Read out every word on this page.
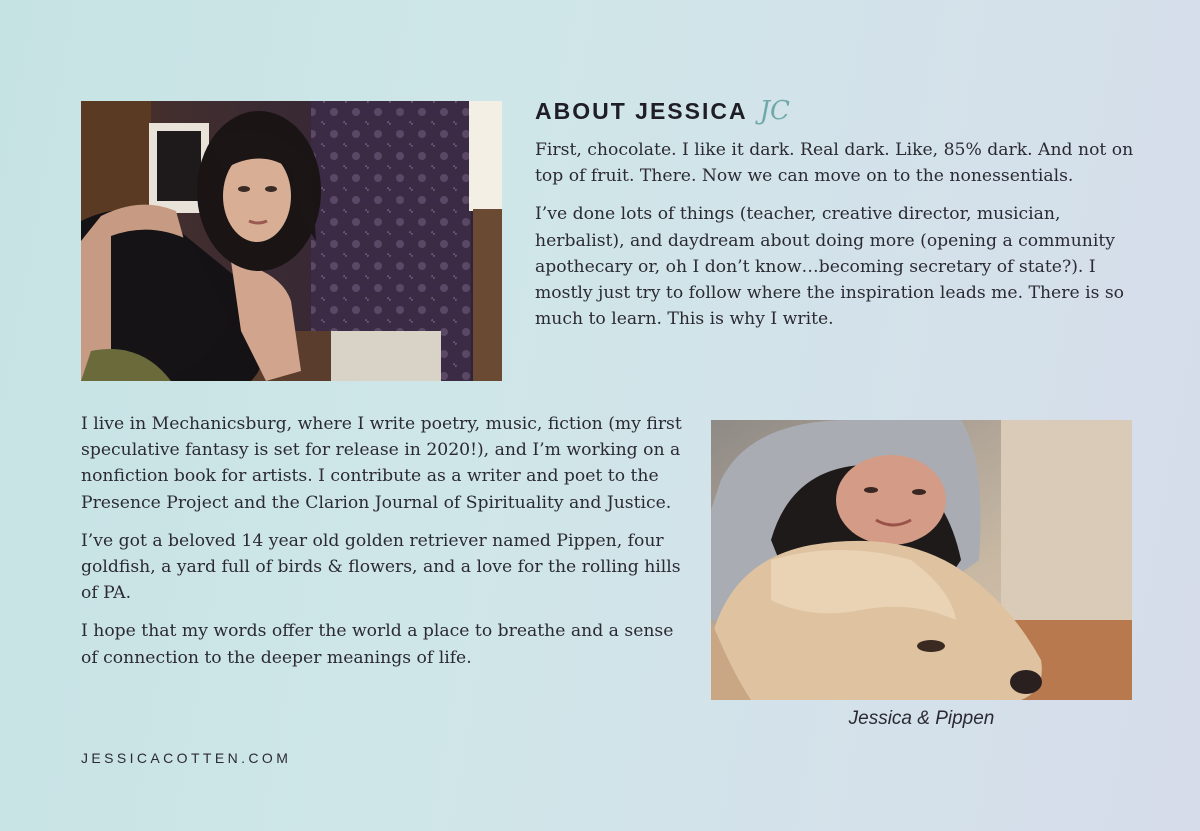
ABOUT JESSICA JC

First, chocolate. I like it dark. Real dark. Like, 85% dark. And not on top of fruit. There. Now we can move on to the nonessentials.

I’ve done lots of things (teacher, creative director, musician, herbalist), and daydream about doing more (opening a community apothecary or, oh I don’t know…becoming secretary of state?). I mostly just try to follow where the inspiration leads me. There is so much to learn. This is why I write.

I live in Mechanicsburg, where I write poetry, music, fiction (my first speculative fantasy is set for release in 2020!), and I’m working on a nonfiction book for artists. I contribute as a writer and poet to the Presence Project and the Clarion Journal of Spirituality and Justice.

I’ve got a beloved 14 year old golden retriever named Pippen, four goldfish, a yard full of birds & flowers, and a love for the rolling hills of PA.

I hope that my words offer the world a place to breathe and a sense of connection to the deeper meanings of life.

Jessica & Pippen
JESSICACOTTEN.COM
